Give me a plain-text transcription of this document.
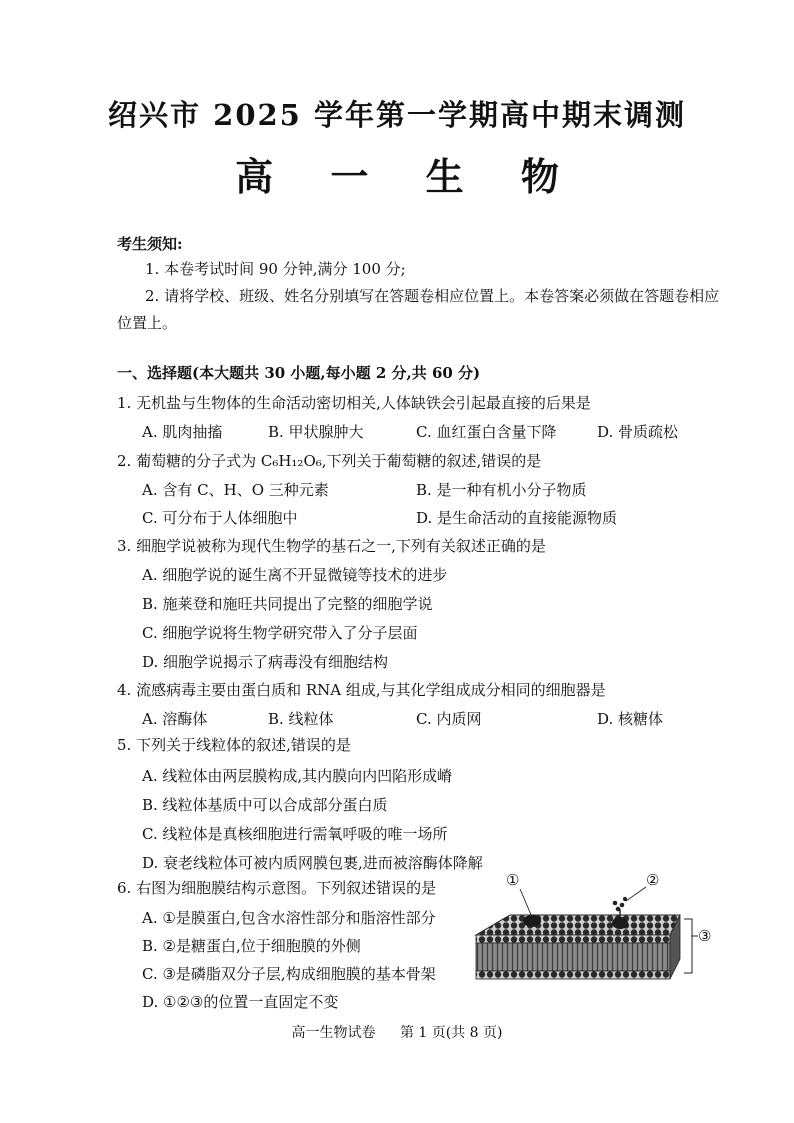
绍兴市 2025 学年第一学期高中期末调测
高 一 生 物
考生须知:
1. 本卷考试时间 90 分钟,满分 100 分;
2. 请将学校、班级、姓名分别填写在答题卷相应位置上。本卷答案必须做在答题卷相应
位置上。
一、选择题(本大题共 30 小题,每小题 2 分,共 60 分)
1. 无机盐与生物体的生命活动密切相关,人体缺铁会引起最直接的后果是
A. 肌肉抽搐	B. 甲状腺肿大	C. 血红蛋白含量下降	D. 骨质疏松
2. 葡萄糖的分子式为 C₆H₁₂O₆,下列关于葡萄糖的叙述,错误的是
A. 含有 C、H、O 三种元素	B. 是一种有机小分子物质
C. 可分布于人体细胞中	D. 是生命活动的直接能源物质
3. 细胞学说被称为现代生物学的基石之一,下列有关叙述正确的是
A. 细胞学说的诞生离不开显微镜等技术的进步
B. 施莱登和施旺共同提出了完整的细胞学说
C. 细胞学说将生物学研究带入了分子层面
D. 细胞学说揭示了病毒没有细胞结构
4. 流感病毒主要由蛋白质和 RNA 组成,与其化学组成成分相同的细胞器是
A. 溶酶体	B. 线粒体	C. 内质网	D. 核糖体
5. 下列关于线粒体的叙述,错误的是
A. 线粒体由两层膜构成,其内膜向内凹陷形成嵴
B. 线粒体基质中可以合成部分蛋白质
C. 线粒体是真核细胞进行需氧呼吸的唯一场所
D. 衰老线粒体可被内质网膜包裹,进而被溶酶体降解
6. 右图为细胞膜结构示意图。下列叙述错误的是
A. ①是膜蛋白,包含水溶性部分和脂溶性部分
B. ②是糖蛋白,位于细胞膜的外侧
C. ③是磷脂双分子层,构成细胞膜的基本骨架
D. ①②③的位置一直固定不变
①	②
③
高一生物试卷 第 1 页(共 8 页)
